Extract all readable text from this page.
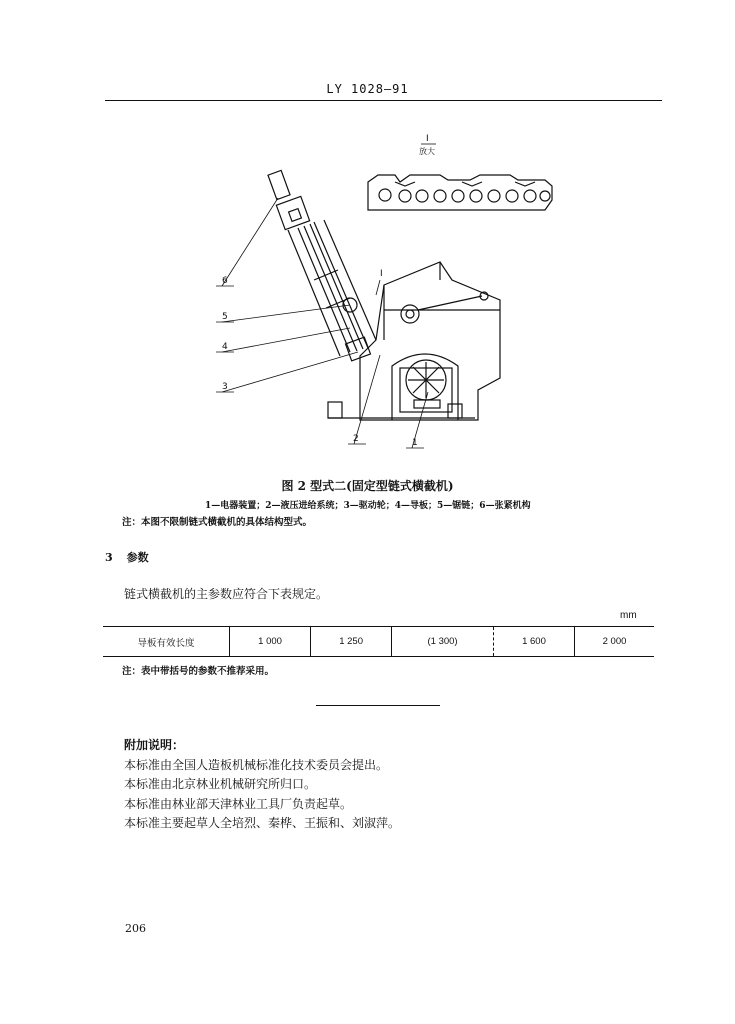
LY 1028—91
I
放大
I
6
5
4
3
2	1
图 2 型式二(固定型链式横截机)
1—电器装置；2—液压进给系统；3—驱动轮；4—导板；5—锯链；6—张紧机构
注：本图不限制链式横截机的具体结构型式。
3 参数
链式横截机的主参数应符合下表规定。
mm
导板有效长度	1 000	1 250	(1 300)	1 600	2 000
注：表中带括号的参数不推荐采用。
附加说明：
本标准由全国人造板机械标准化技术委员会提出。
本标准由北京林业机械研究所归口。
本标准由林业部天津林业工具厂负责起草。
本标准主要起草人全培烈、秦桦、王振和、刘淑萍。
206
